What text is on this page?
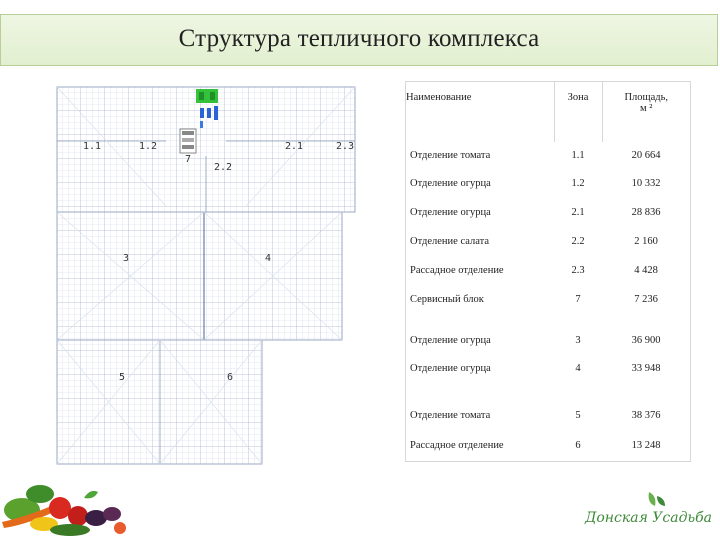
Структура тепличного комплекса
1.1	1.2
7
2.1	2.3
2.2
3	4
5	6
Наименование	Зона	Площадь,
м ²

Отделение томата	1.1	20 664
Отделение огурца	1.2	10 332
Отделение огурца	2.1	28 836
Отделение салата	2.2	2 160
Рассадное отделение	2.3	4 428
Сервисный блок	7	7 236
Отделение огурца	3	36 900
Отделение огурца	4	33 948
Отделение томата	5	38 376
Рассадное отделение	6	13 248
Донская Усадьба
